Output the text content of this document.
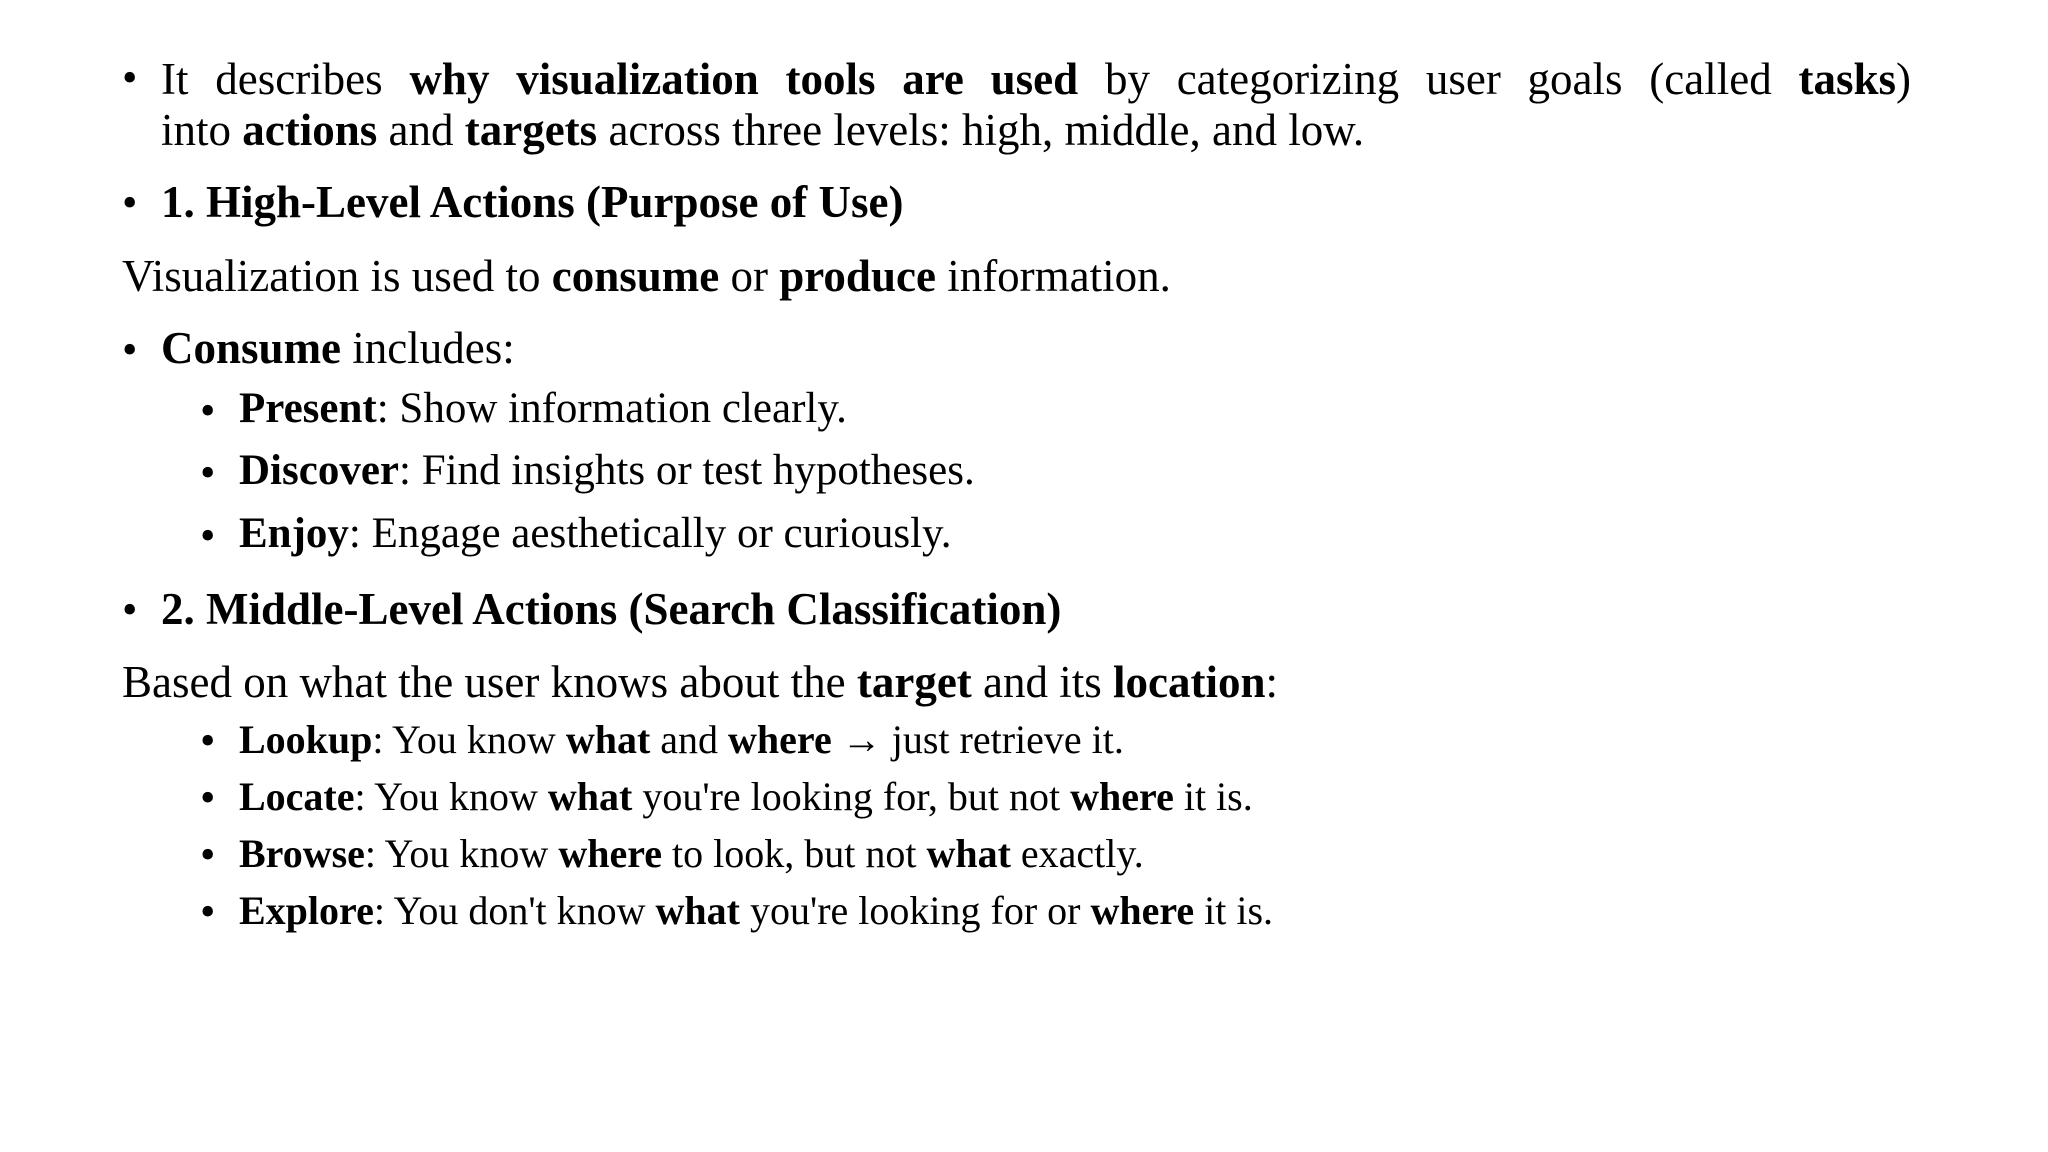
• It describes why visualization tools are used by categorizing user goals (called tasks)
into actions and targets across three levels: high, middle, and low.
• 1. High-Level Actions (Purpose of Use)
Visualization is used to consume or produce information.
• Consume includes:
• Present: Show information clearly.
• Discover: Find insights or test hypotheses.
• Enjoy: Engage aesthetically or curiously.
• 2. Middle-Level Actions (Search Classification)
Based on what the user knows about the target and its location:
• Lookup: You know what and where → just retrieve it.
• Locate: You know what you're looking for, but not where it is.
• Browse: You know where to look, but not what exactly.
• Explore: You don't know what you're looking for or where it is.
